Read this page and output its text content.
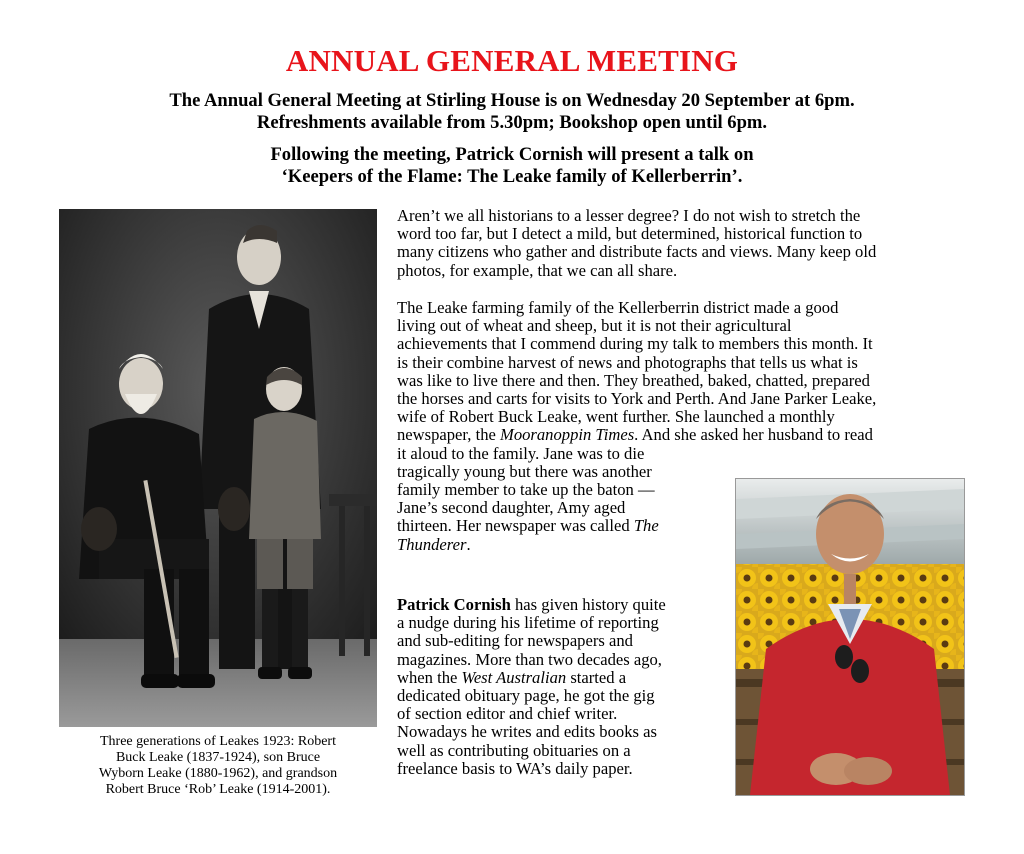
ANNUAL GENERAL MEETING

The Annual General Meeting at Stirling House is on Wednesday 20 September at 6pm.

Refreshments available from 5.30pm; Bookshop open until 6pm.

Following the meeting, Patrick Cornish will present a talk on

‘Keepers of the Flame: The Leake family of Kellerberrin’.

Three generations of Leakes 1923: Robert

Buck Leake (1837-1924), son Bruce

Wyborn Leake (1880-1962), and grandson

Robert Bruce ‘Rob’ Leake (1914-2001).

Aren’t we all historians to a lesser degree? I do not wish to stretch the
word too far, but I detect a mild, but determined, historical function to
many citizens who gather and distribute facts and views. Many keep old
photos, for example, that we can all share.

The Leake farming family of the Kellerberrin district made a good
living out of wheat and sheep, but it is not their agricultural
achievements that I commend during my talk to members this month. It
is their combine harvest of news and photographs that tells us what is
was like to live there and then. They breathed, baked, chatted, prepared
the horses and carts for visits to York and Perth. And Jane Parker Leake,
wife of Robert Buck Leake, went further. She launched a monthly
newspaper, the Mooranoppin Times. And she asked her husband to read
it aloud to the family. Jane was to die
tragically young but there was another
family member to take up the baton —
Jane’s second daughter, Amy aged
thirteen. Her newspaper was called The
Thunderer.

Patrick Cornish has given history quite
a nudge during his lifetime of reporting
and sub-editing for newspapers and
magazines. More than two decades ago,
when the West Australian started a
dedicated obituary page, he got the gig
of section editor and chief writer.
Nowadays he writes and edits books as
well as contributing obituaries on a
freelance basis to WA’s daily paper.
